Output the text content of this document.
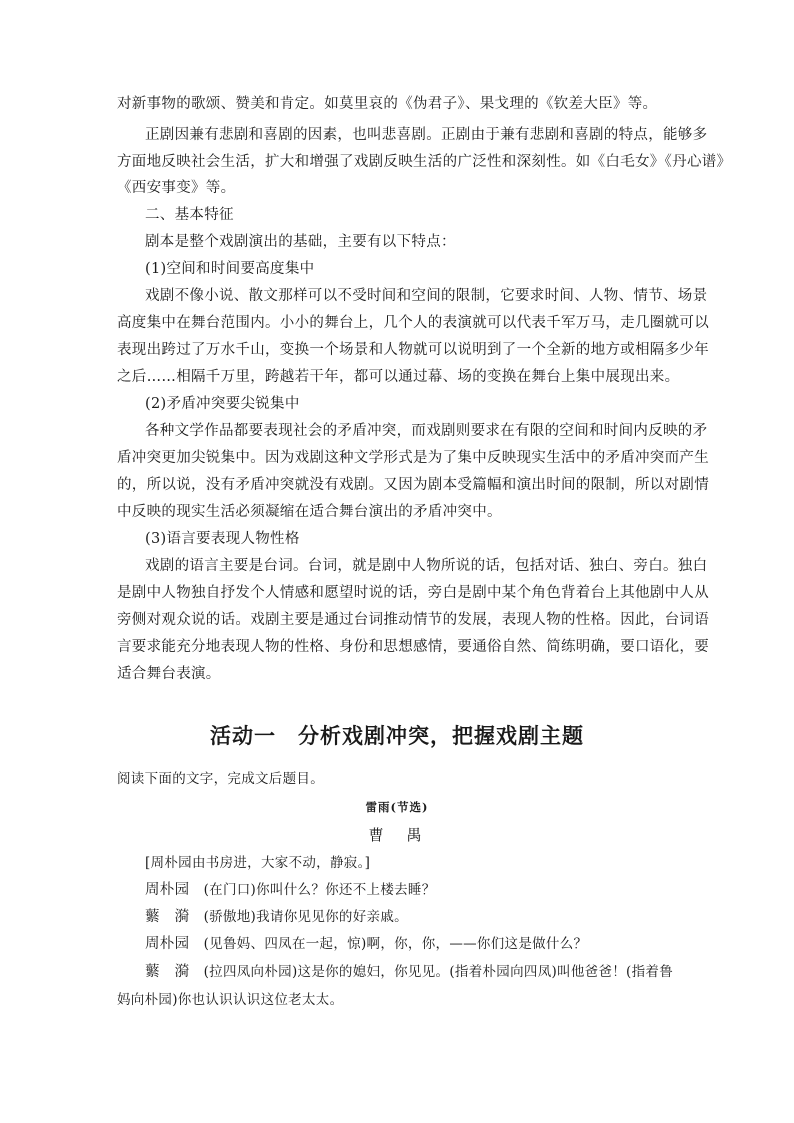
对新事物的歌颂、赞美和肯定。如莫里哀的《伪君子》、果戈理的《钦差大臣》等。
正剧因兼有悲剧和喜剧的因素，也叫悲喜剧。正剧由于兼有悲剧和喜剧的特点，能够多
方面地反映社会生活，扩大和增强了戏剧反映生活的广泛性和深刻性。如《白毛女》《丹心谱》
《西安事变》等。
二、基本特征
剧本是整个戏剧演出的基础，主要有以下特点：
(1)空间和时间要高度集中
戏剧不像小说、散文那样可以不受时间和空间的限制，它要求时间、人物、情节、场景
高度集中在舞台范围内。小小的舞台上，几个人的表演就可以代表千军万马，走几圈就可以
表现出跨过了万水千山，变换一个场景和人物就可以说明到了一个全新的地方或相隔多少年
之后……相隔千万里，跨越若干年，都可以通过幕、场的变换在舞台上集中展现出来。
(2)矛盾冲突要尖锐集中
各种文学作品都要表现社会的矛盾冲突，而戏剧则要求在有限的空间和时间内反映的矛
盾冲突更加尖锐集中。因为戏剧这种文学形式是为了集中反映现实生活中的矛盾冲突而产生
的，所以说，没有矛盾冲突就没有戏剧。又因为剧本受篇幅和演出时间的限制，所以对剧情
中反映的现实生活必须凝缩在适合舞台演出的矛盾冲突中。
(3)语言要表现人物性格
戏剧的语言主要是台词。台词，就是剧中人物所说的话，包括对话、独白、旁白。独白
是剧中人物独自抒发个人情感和愿望时说的话，旁白是剧中某个角色背着台上其他剧中人从
旁侧对观众说的话。戏剧主要是通过台词推动情节的发展，表现人物的性格。因此，台词语
言要求能充分地表现人物的性格、身份和思想感情，要通俗自然、简练明确，要口语化，要
适合舞台表演。
活动一　分析戏剧冲突，把握戏剧主题
阅读下面的文字，完成文后题目。
雷雨(节选)
曹　禺
[周朴园由书房进，大家不动，静寂。]
周朴园 (在门口)你叫什么？你还不上楼去睡？
蘩　漪 (骄傲地)我请你见见你的好亲戚。
周朴园 (见鲁妈、四凤在一起，惊)啊，你，你，——你们这是做什么？
蘩　漪 (拉四凤向朴园)这是你的媳妇，你见见。(指着朴园向四凤)叫他爸爸！(指着鲁
妈向朴园)你也认识认识这位老太太。
